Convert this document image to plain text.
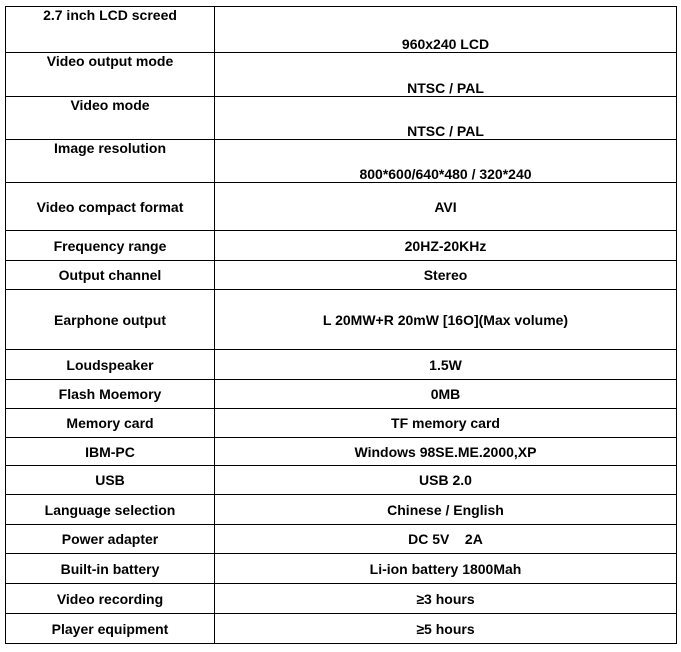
2.7 inch LCD screed	960x240 LCD
Video output mode	NTSC / PAL
Video mode	NTSC / PAL
Image resolution	800*600/640*480 / 320*240
Video compact format	AVI
Frequency range	20HZ-20KHz
Output channel	Stereo
Earphone output	L 20MW+R 20mW [16O](Max volume)
Loudspeaker	1.5W
Flash Moemory	0MB
Memory card	TF memory card
IBM-PC	Windows 98SE.ME.2000,XP
USB	USB 2.0
Language selection	Chinese / English
Power adapter	DC 5V    2A
Built-in battery	Li-ion battery 1800Mah
Video recording	≥3 hours
Player equipment	≥5 hours
